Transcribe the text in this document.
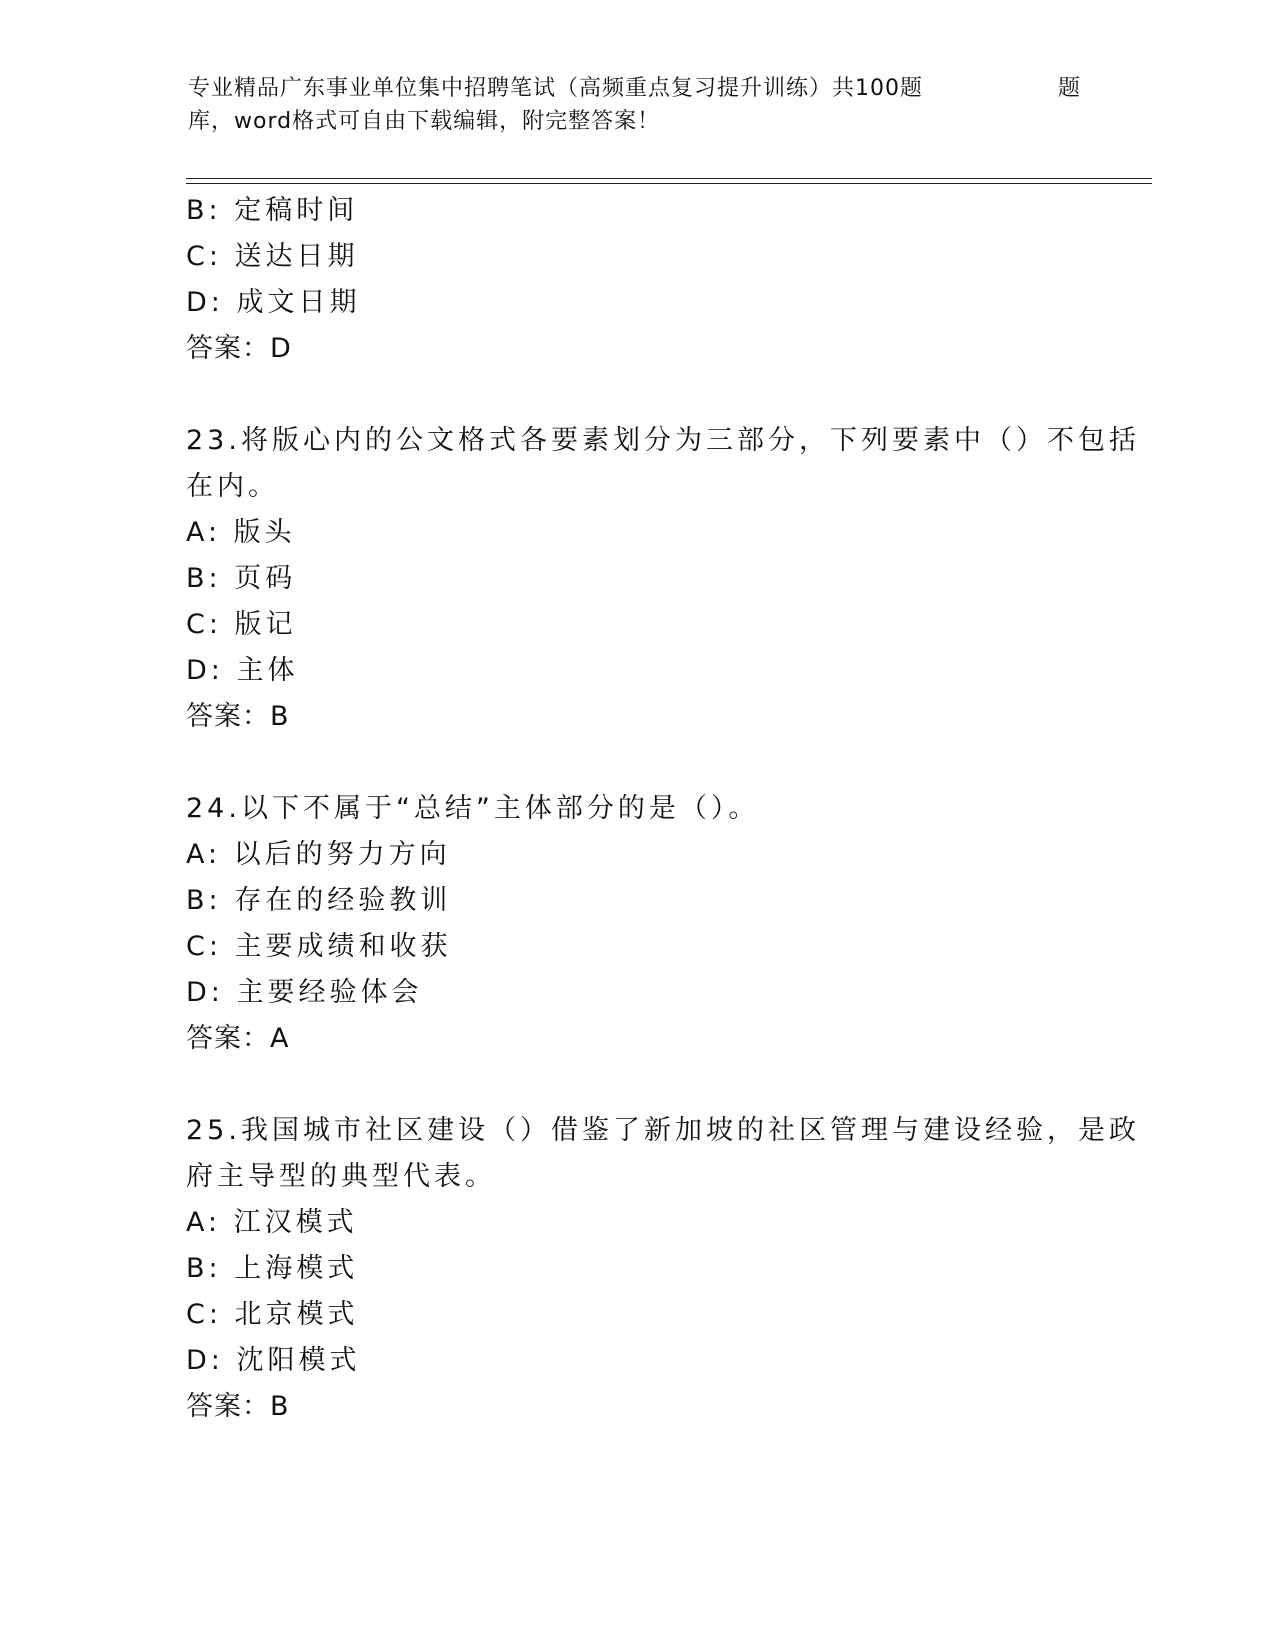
专业精品广东事业单位集中招聘笔试（高频重点复习提升训练）共100题	题
库，word格式可自由下载编辑，附完整答案！
B: 定稿时间
C: 送达日期
D: 成文日期
答案：D
23.将版心内的公文格式各要素划分为三部分，下列要素中（）不包括
在内。
A: 版头
B: 页码
C: 版记
D: 主体
答案：B
24.以下不属于“总结”主体部分的是（）。
A: 以后的努力方向
B: 存在的经验教训
C: 主要成绩和收获
D: 主要经验体会
答案：A
25.我国城市社区建设（）借鉴了新加坡的社区管理与建设经验，是政
府主导型的典型代表。
A: 江汉模式
B: 上海模式
C: 北京模式
D: 沈阳模式
答案：B
